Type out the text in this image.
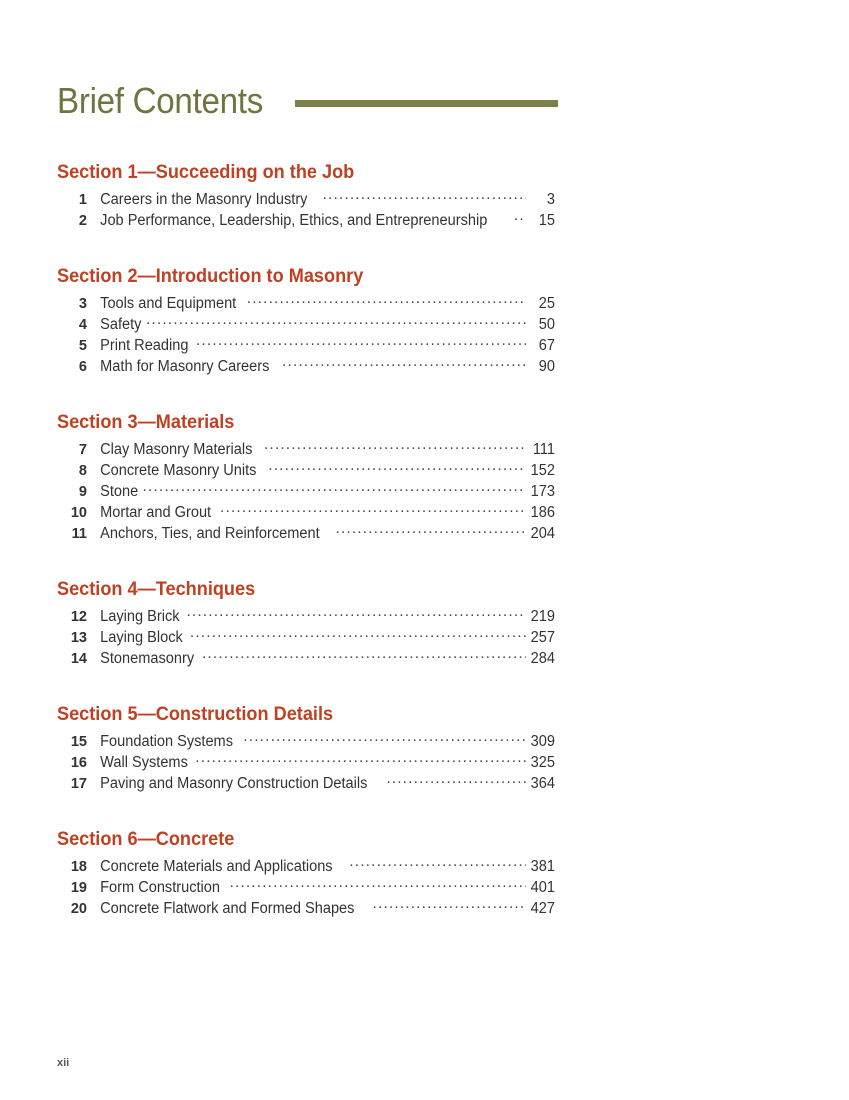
Brief Contents
Section 1—Succeeding on the Job
1 Careers in the Masonry Industry .....	3
2 Job Performance, Leadership, Ethics, and Entrepreneurship .....	15
Section 2—Introduction to Masonry
3 Tools and Equipment .....	25
4 Safety .....	50
5 Print Reading .....	67
6 Math for Masonry Careers .....	90
Section 3—Materials
7 Clay Masonry Materials .....	111
8 Concrete Masonry Units .....	152
9 Stone .....	173
10 Mortar and Grout .....	186
11 Anchors, Ties, and Reinforcement .....	204
Section 4—Techniques
12 Laying Brick .....	219
13 Laying Block .....	257
14 Stonemasonry .....	284
Section 5—Construction Details
15 Foundation Systems .....	309
16 Wall Systems .....	325
17 Paving and Masonry Construction Details .....	364
Section 6—Concrete
18 Concrete Materials and Applications .....	381
19 Form Construction .....	401
20 Concrete Flatwork and Formed Shapes .....	427
xii
